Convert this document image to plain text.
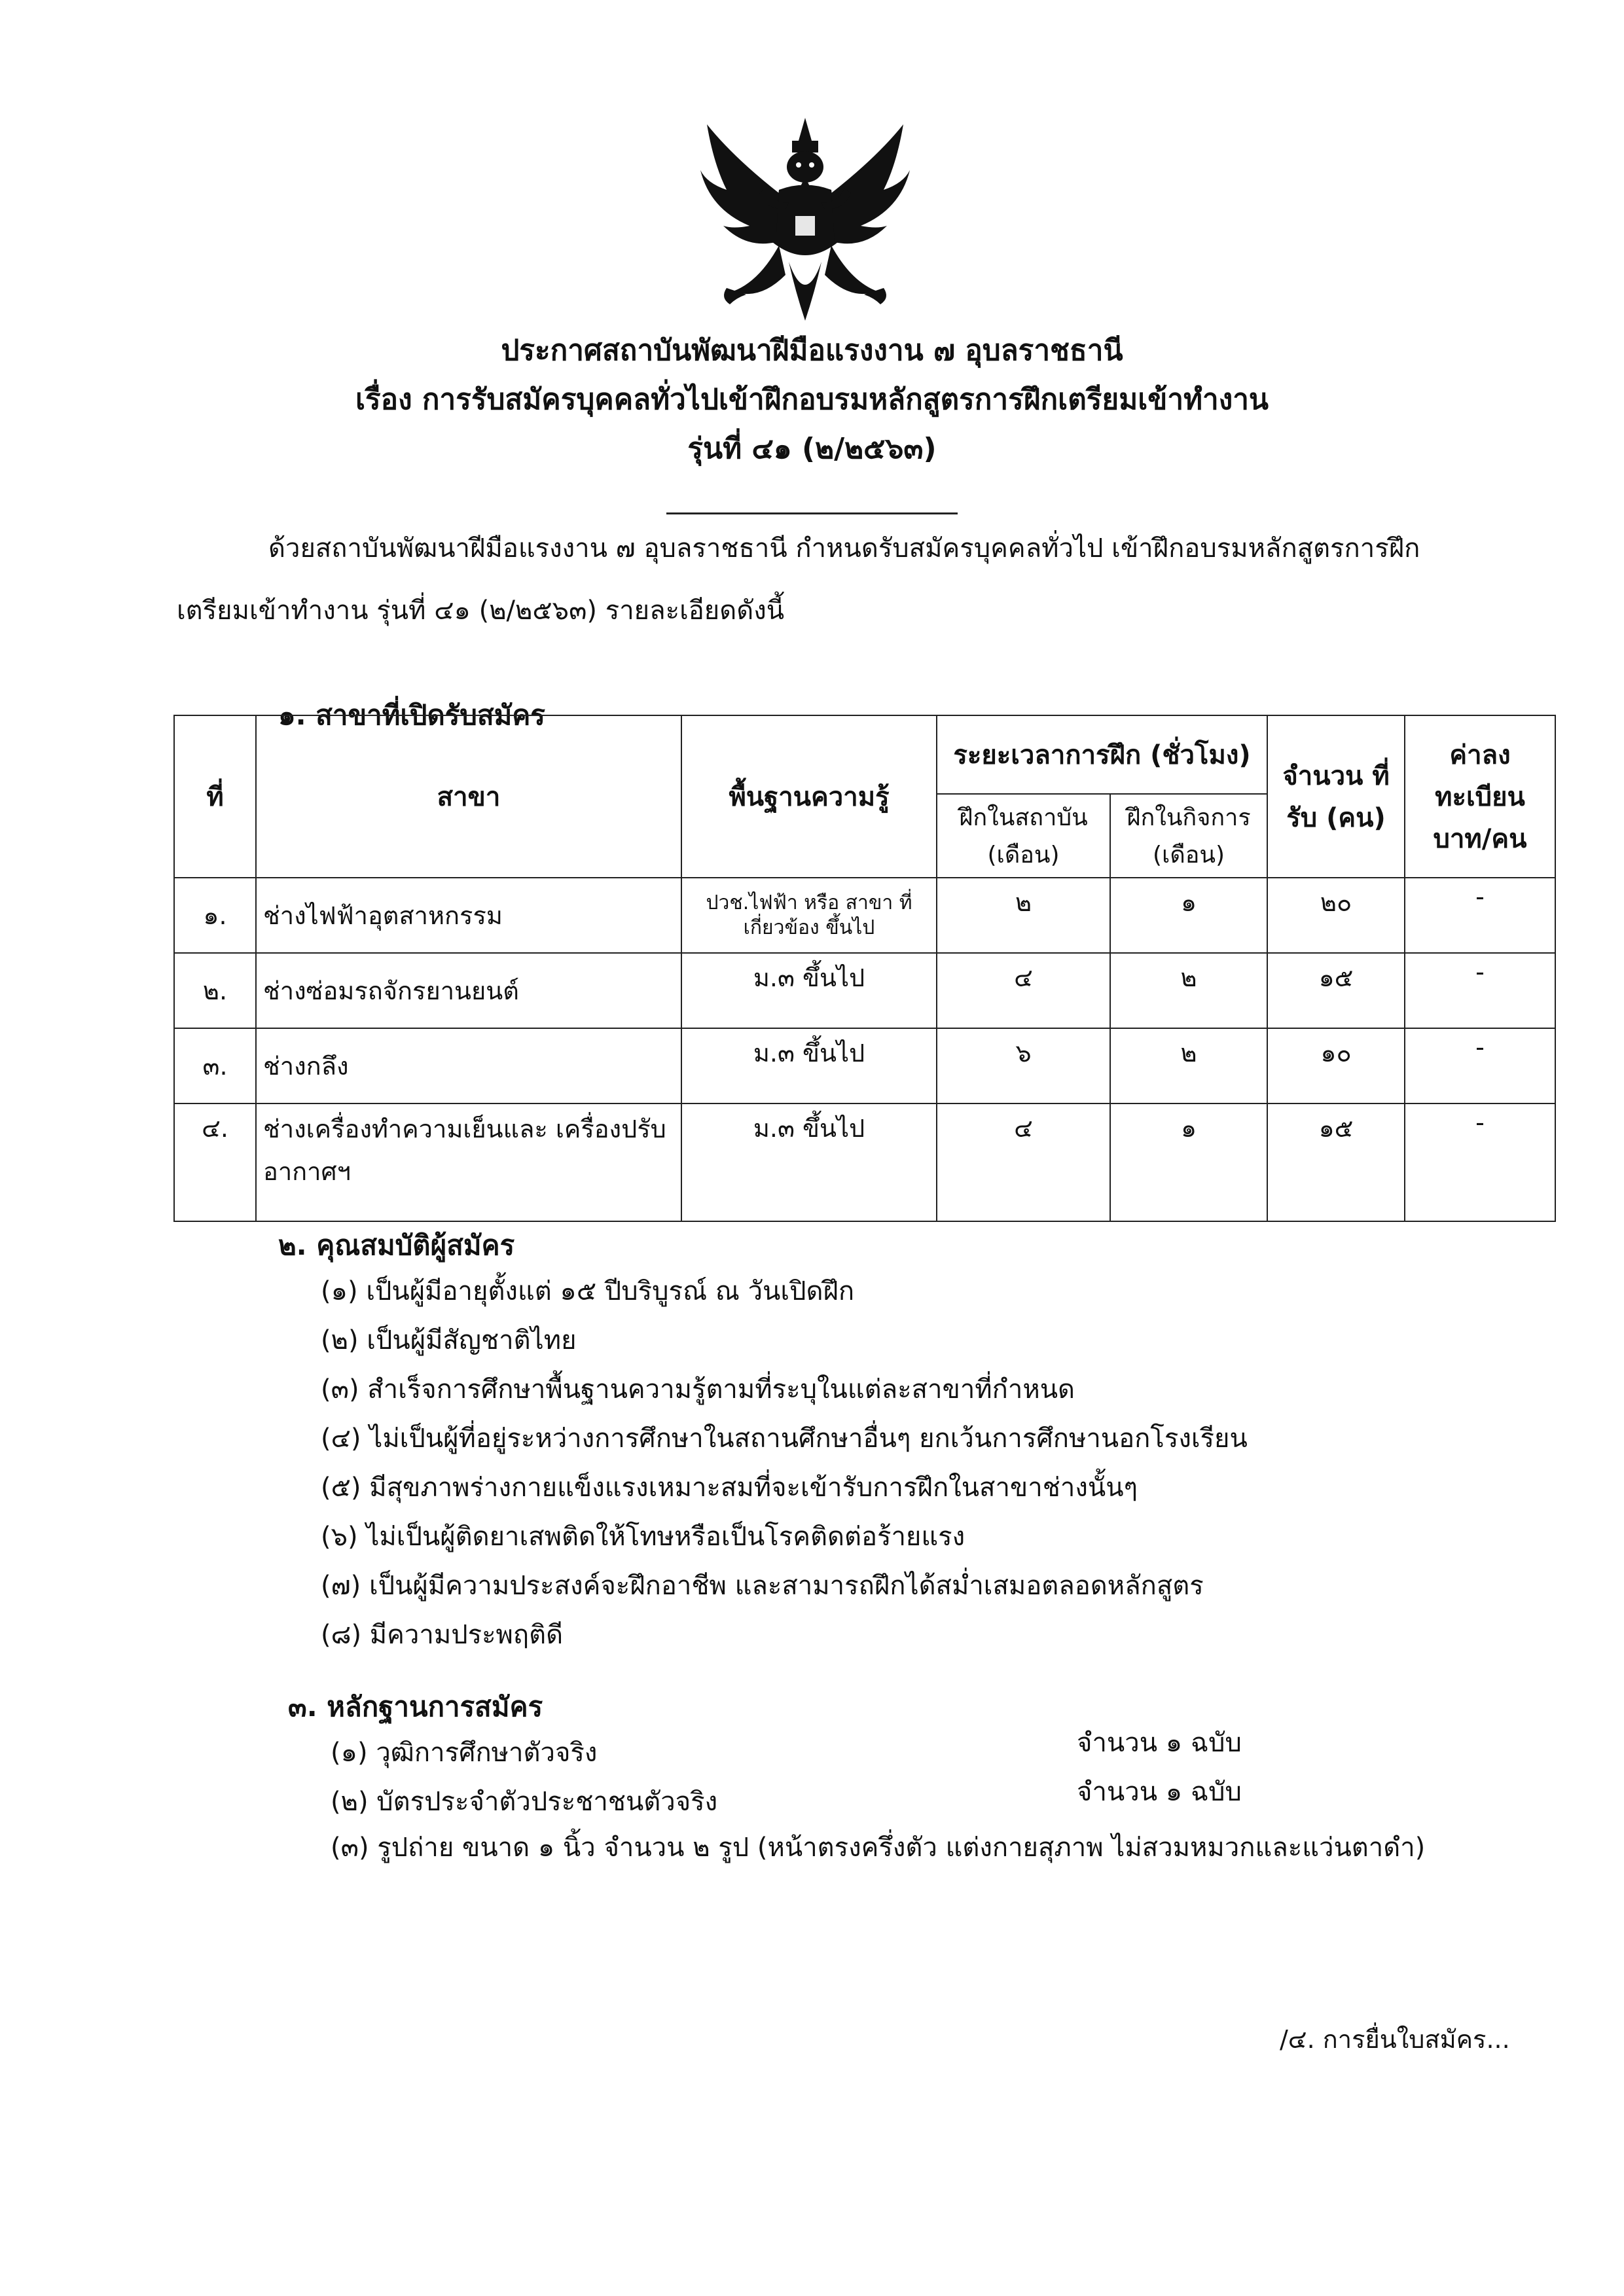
ประกาศสถาบันพัฒนาฝีมือแรงงาน ๗ อุบลราชธานี
เรื่อง การรับสมัครบุคคลทั่วไปเข้าฝึกอบรมหลักสูตรการฝึกเตรียมเข้าทำงาน
รุ่นที่ ๔๑ (๒/๒๕๖๓)
ด้วยสถาบันพัฒนาฝีมือแรงงาน ๗ อุบลราชธานี กำหนดรับสมัครบุคคลทั่วไป เข้าฝึกอบรมหลักสูตรการฝึก
เตรียมเข้าทำงาน รุ่นที่ ๔๑ (๒/๒๕๖๓) รายละเอียดดังนี้
๑. สาขาที่เปิดรับสมัคร
ที่	สาขา	พื้นฐานความรู้	ระยะเวลาการฝึก (ชั่วโมง)		จำนวน ที่รับ (คน)	ค่าลง ทะเบียน บาท/คน
			ฝึกในสถาบัน (เดือน)	ฝึกในกิจการ (เดือน)		
๑.	ช่างไฟฟ้าอุตสาหกรรม	ปวช.ไฟฟ้า หรือ สาขา ที่เกี่ยวข้อง ขึ้นไป	๒	๑	๒๐	-
๒.	ช่างซ่อมรถจักรยานยนต์	ม.๓ ขึ้นไป	๔	๒	๑๕	-
๓.	ช่างกลึง	ม.๓ ขึ้นไป	๖	๒	๑๐	-
๔.	ช่างเครื่องทำความเย็นและ เครื่องปรับอากาศฯ	ม.๓ ขึ้นไป	๔	๑	๑๕	-
๒. คุณสมบัติผู้สมัคร
(๑) เป็นผู้มีอายุตั้งแต่ ๑๕ ปีบริบูรณ์ ณ วันเปิดฝึก
(๒) เป็นผู้มีสัญชาติไทย
(๓) สำเร็จการศึกษาพื้นฐานความรู้ตามที่ระบุในแต่ละสาขาที่กำหนด
(๔) ไม่เป็นผู้ที่อยู่ระหว่างการศึกษาในสถานศึกษาอื่นๆ ยกเว้นการศึกษานอกโรงเรียน
(๕) มีสุขภาพร่างกายแข็งแรงเหมาะสมที่จะเข้ารับการฝึกในสาขาช่างนั้นๆ
(๖) ไม่เป็นผู้ติดยาเสพติดให้โทษหรือเป็นโรคติดต่อร้ายแรง
(๗) เป็นผู้มีความประสงค์จะฝึกอาชีพ และสามารถฝึกได้สม่ำเสมอตลอดหลักสูตร
(๘) มีความประพฤติดี
๓. หลักฐานการสมัคร
(๑) วุฒิการศึกษาตัวจริง	จำนวน ๑ ฉบับ
(๒) บัตรประจำตัวประชาชนตัวจริง	จำนวน ๑ ฉบับ
(๓) รูปถ่าย ขนาด ๑ นิ้ว จำนวน ๒ รูป (หน้าตรงครึ่งตัว แต่งกายสุภาพ ไม่สวมหมวกและแว่นตาดำ)
/๔. การยื่นใบสมัคร...
